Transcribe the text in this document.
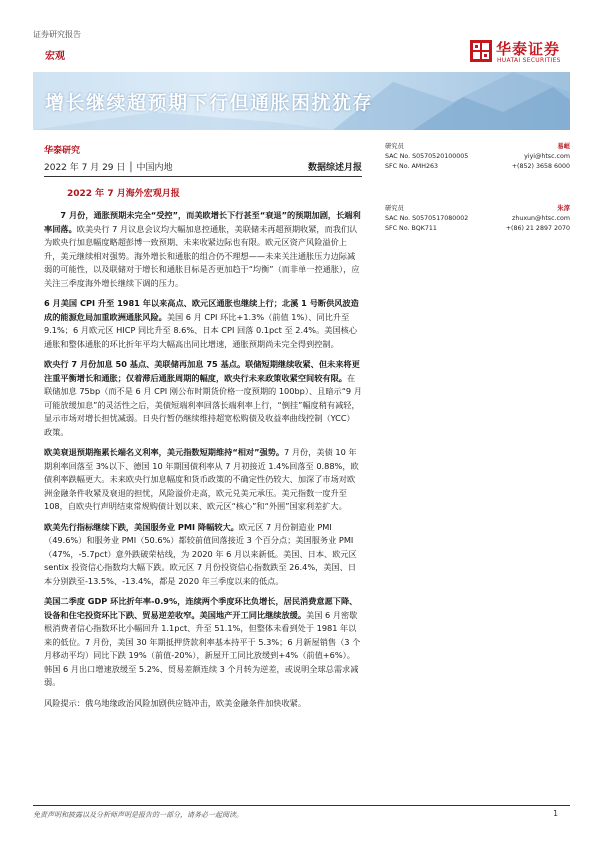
证券研究报告
宏观	华泰证券
HUATAI SECURITIES
增长继续超预期下行但通胀困扰犹存
华泰研究
2022 年 7 月 29 日 │ 中国内地	数据综述月报
2022 年 7 月海外宏观月报

7 月份，通胀预期未完全“受控”，而美欧增长下行甚至“衰退”的预期加剧，长端利率回落。欧美央行 7 月议息会议均大幅加息控通胀，美联储未再超预期收紧，而我们认为欧央行加息幅度略超彭博一致预期、未来收紧边际也有限。欧元区资产风险溢价上升，美元继续相对强势。海外增长和通胀的组合仍不理想——未来关注通胀压力边际减弱的可能性，以及联储对于增长和通胀目标是否更加趋于“均衡”（而非单一控通胀），应关注三季度海外增长继续下调的压力。

6 月美国 CPI 升至 1981 年以来高点、欧元区通胀也继续上行；北溪 1 号断供风波造成的能源危局加重欧洲通胀风险。美国 6 月 CPI 环比+1.3%（前值 1%）、同比升至 9.1%；6 月欧元区 HICP 同比升至 8.6%、日本 CPI 回落 0.1pct 至 2.4%。美国核心通胀和整体通胀的环比折年平均大幅高出同比增速，通胀预期尚未完全得到控制。

欧央行 7 月份加息 50 基点、美联储再加息 75 基点。联储短期继续收紧、但未来将更注重平衡增长和通胀；仅着滞后通胀周期的幅度，欧央行未来政策收紧空间较有限。在联储加息 75bp（而不是 6 月 CPI 刚公布时期货价格一度预期的 100bp）、且暗示“9 月可能放缓加息”的灵活性之后，美债短端利率回落长端利率上行，“倒挂”幅度稍有减轻，显示市场对增长担忧减弱。日央行暂仍继续维持超宽松购债及收益率曲线控制（YCC）政策。

欧美衰退预期拖累长端名义利率，美元指数短期维持“相对”强势。7 月份，美债 10 年期利率回落至 3%以下、德国 10 年期国债利率从 7 月初接近 1.4%回落至 0.88%，欧债利率跌幅更大。未来欧央行加息幅度和货币政策的不确定性仍较大、加深了市场对欧洲金融条件收紧及衰退的担忧，风险溢价走高，欧元兑美元承压。美元指数一度升至 108，自欧央行声明结束常规购债计划以来、欧元区“核心”和“外围”国家利差扩大。

欧美先行指标继续下跌，美国服务业 PMI 降幅较大。欧元区 7 月份制造业 PMI（49.6%）和服务业 PMI（50.6%）都较前值回落接近 3 个百分点；美国服务业 PMI（47%，-5.7pct）意外跌破荣枯线，为 2020 年 6 月以来新低。美国、日本、欧元区 sentix 投资信心指数均大幅下跌。欧元区 7 月份投资信心指数跌至 26.4%，美国、日本分别跌至-13.5%、-13.4%，都是 2020 年三季度以来的低点。

美国二季度 GDP 环比折年率-0.9%，连续两个季度环比负增长，居民消费意愿下降、设备和住宅投资环比下跌、贸易逆差收窄。美国地产开工同比继续放缓。美国 6 月密歇根消费者信心指数环比小幅回升 1.1pct、升至 51.1%，但整体未看到处于 1981 年以来的低位。7 月份，美国 30 年期抵押贷款利率基本持平于 5.3%；6 月新屋销售（3 个月移动平均）同比下跌 19%（前值-20%），新屋开工同比放缓到+4%（前值+6%）。韩国 6 月出口增速放缓至 5.2%、贸易差额连续 3 个月转为逆差，或说明全球总需求减弱。

风险提示：俄乌地缘政治风险加剧供应链冲击，欧美金融条件加快收紧。

研究员	易峘
SAC No. S0570520100005	yiyi@htsc.com
SFC No. AMH263	+(852) 3658 6000
研究员	朱淳
SAC No. S0570517080002	zhuxun@htsc.com
SFC No. BQK711	+(86) 21 2897 2070
免责声明和披露以及分析师声明是报告的一部分，请务必一起阅读。	1
